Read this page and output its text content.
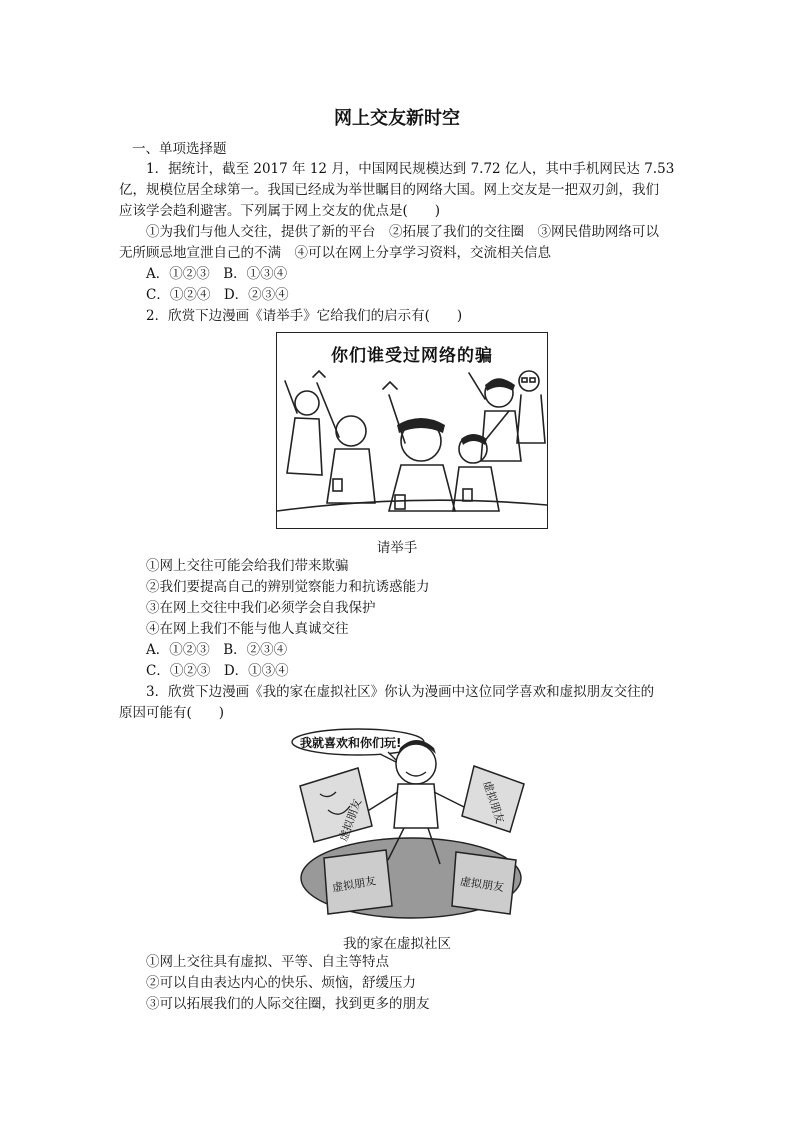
网上交友新时空
一、单项选择题
1．据统计，截至 2017 年 12 月，中国网民规模达到 7.72 亿人，其中手机网民达 7.53
亿，规模位居全球第一。我国已经成为举世瞩目的网络大国。网上交友是一把双刃剑，我们
应该学会趋利避害。下列属于网上交友的优点是(　　)
①为我们与他人交往，提供了新的平台　②拓展了我们的交往圈　③网民借助网络可以
无所顾忌地宣泄自己的不满　④可以在网上分享学习资料，交流相关信息
A．①②③　B．①③④
C．①②④　D．②③④
2．欣赏下边漫画《请举手》它给我们的启示有(　　)
你们谁受过网络的骗
请举手
①网上交往可能会给我们带来欺骗
②我们要提高自己的辨别觉察能力和抗诱惑能力
③在网上交往中我们必须学会自我保护
④在网上我们不能与他人真诚交往
A．①②③　B．②③④
C．①②③　D．①③④
3．欣赏下边漫画《我的家在虚拟社区》你认为漫画中这位同学喜欢和虚拟朋友交往的
原因可能有(　　)
我就喜欢和你们玩!
虚拟朋友	虚拟朋友
虚拟朋友	虚拟朋友
我的家在虚拟社区
①网上交往具有虚拟、平等、自主等特点
②可以自由表达内心的快乐、烦恼，舒缓压力
③可以拓展我们的人际交往圈，找到更多的朋友
